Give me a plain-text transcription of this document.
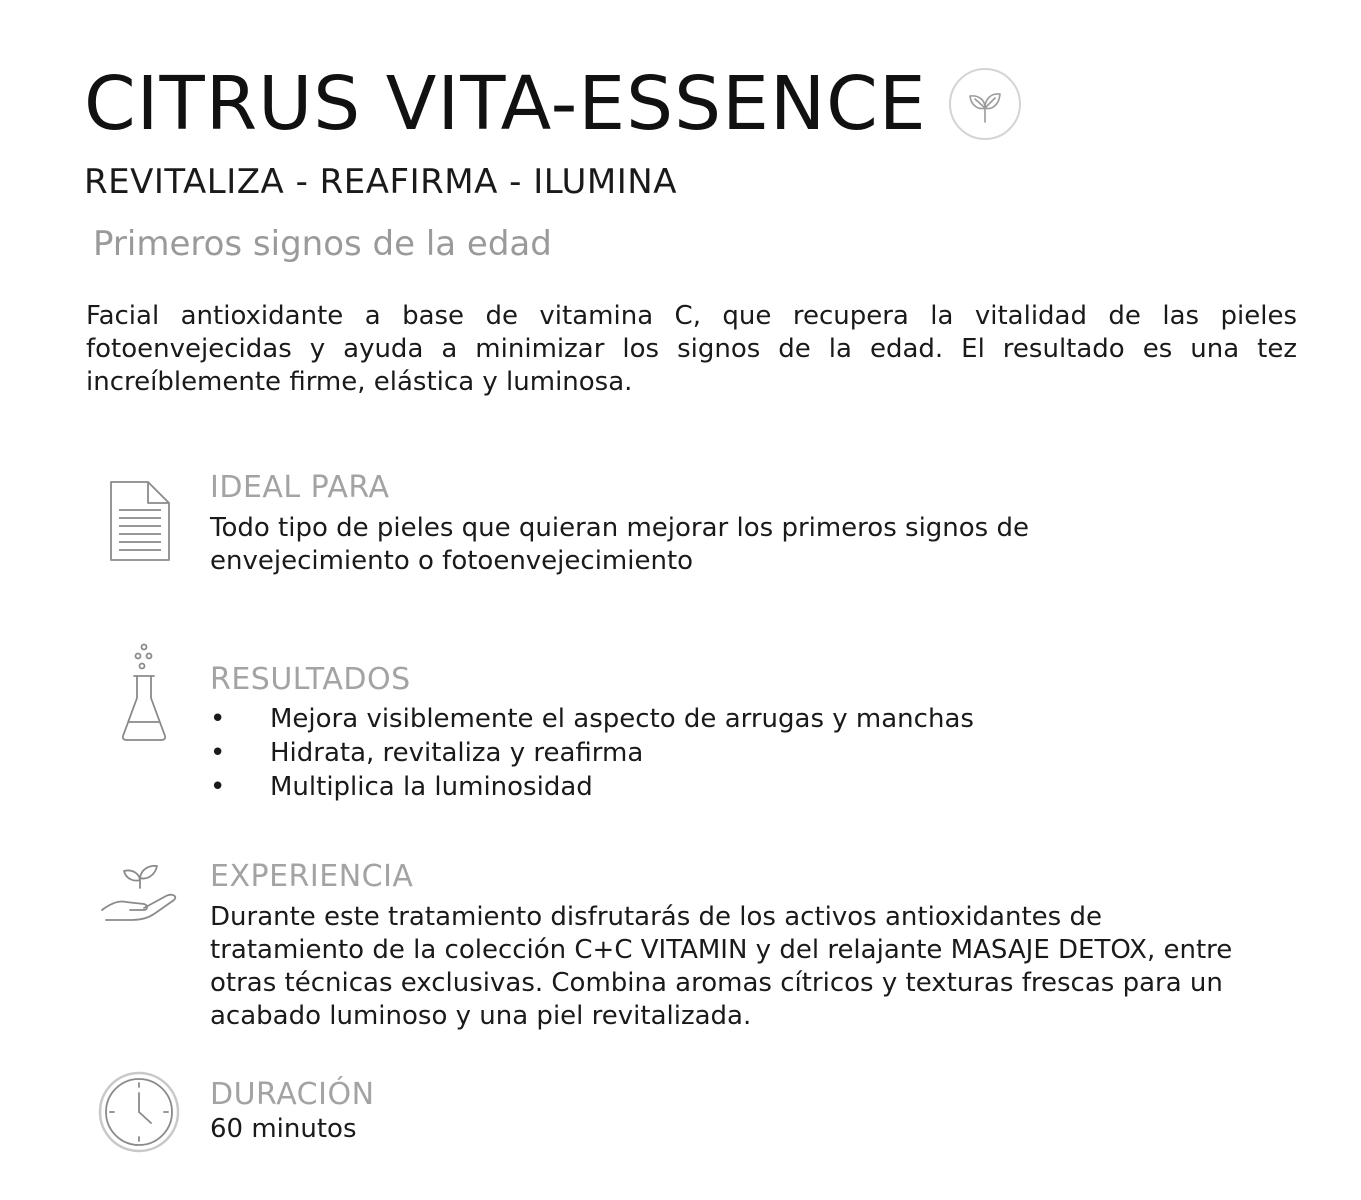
CITRUS VITA-ESSENCE
REVITALIZA - REAFIRMA - ILUMINA
Primeros signos de la edad
Facial antioxidante a base de vitamina C, que recupera la vitalidad de las pieles fotoenvejecidas y ayuda a minimizar los signos de la edad. El resultado es una tez increíblemente firme, elástica y luminosa.
IDEAL PARA
Todo tipo de pieles que quieran mejorar los primeros signos de envejecimiento o fotoenvejecimiento
RESULTADOS
• Mejora visiblemente el aspecto de arrugas y manchas
• Hidrata, revitaliza y reafirma
• Multiplica la luminosidad
EXPERIENCIA
Durante este tratamiento disfrutarás de los activos antioxidantes de tratamiento de la colección C+C VITAMIN y del relajante MASAJE DETOX, entre otras técnicas exclusivas. Combina aromas cítricos y texturas frescas para un acabado luminoso y una piel revitalizada.
DURACIÓN
60 minutos
